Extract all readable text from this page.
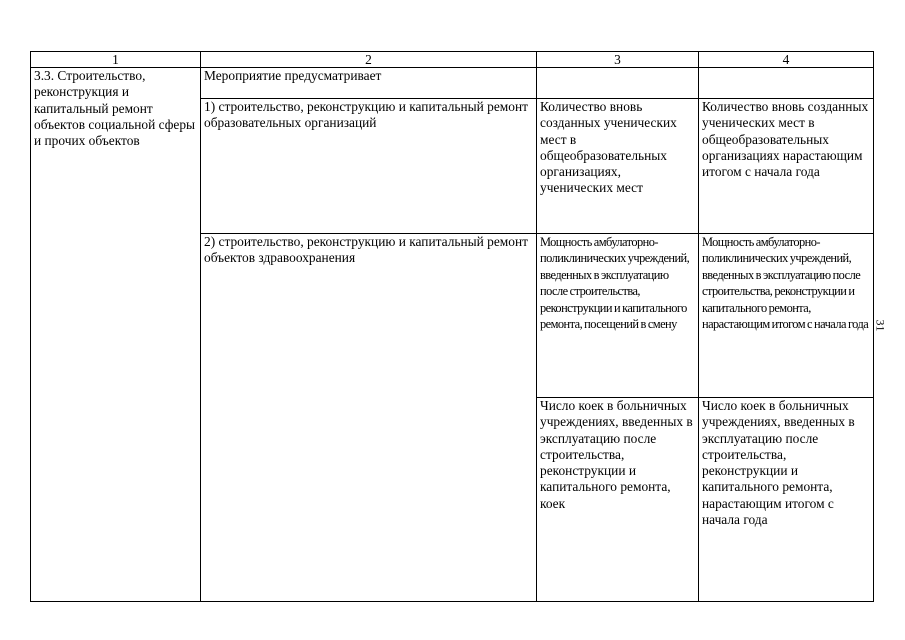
1	2	3	4

3.3. Строительство, реконструкция и капитальный ремонт объектов социальной сферы и прочих объектов	Мероприятие предусматривает		

	1) строительство, реконструкцию и капитальный ремонт образовательных организаций	Количество вновь созданных ученических мест в общеобразовательных организациях, ученических мест	Количество вновь созданных ученических мест в общеобразовательных организациях нарастающим итогом с начала года

	2) строительство, реконструкцию и капитальный ремонт объектов здравоохранения	Мощность амбулаторно-поликлинических учреждений, введенных в эксплуатацию после строительства, реконструкции и капитального ремонта, посещений в смену	Мощность амбулаторно-поликлинических учреждений, введенных в эксплуатацию после строительства, реконструкции и капитального ремонта, нарастающим итогом с начала года

		Число коек в больничных учреждениях, введенных в эксплуатацию после строительства, реконструкции и капитального ремонта, коек	Число коек в больничных учреждениях, введенных в эксплуатацию после строительства, реконструкции и капитального ремонта, нарастающим итогом с начала года
31
